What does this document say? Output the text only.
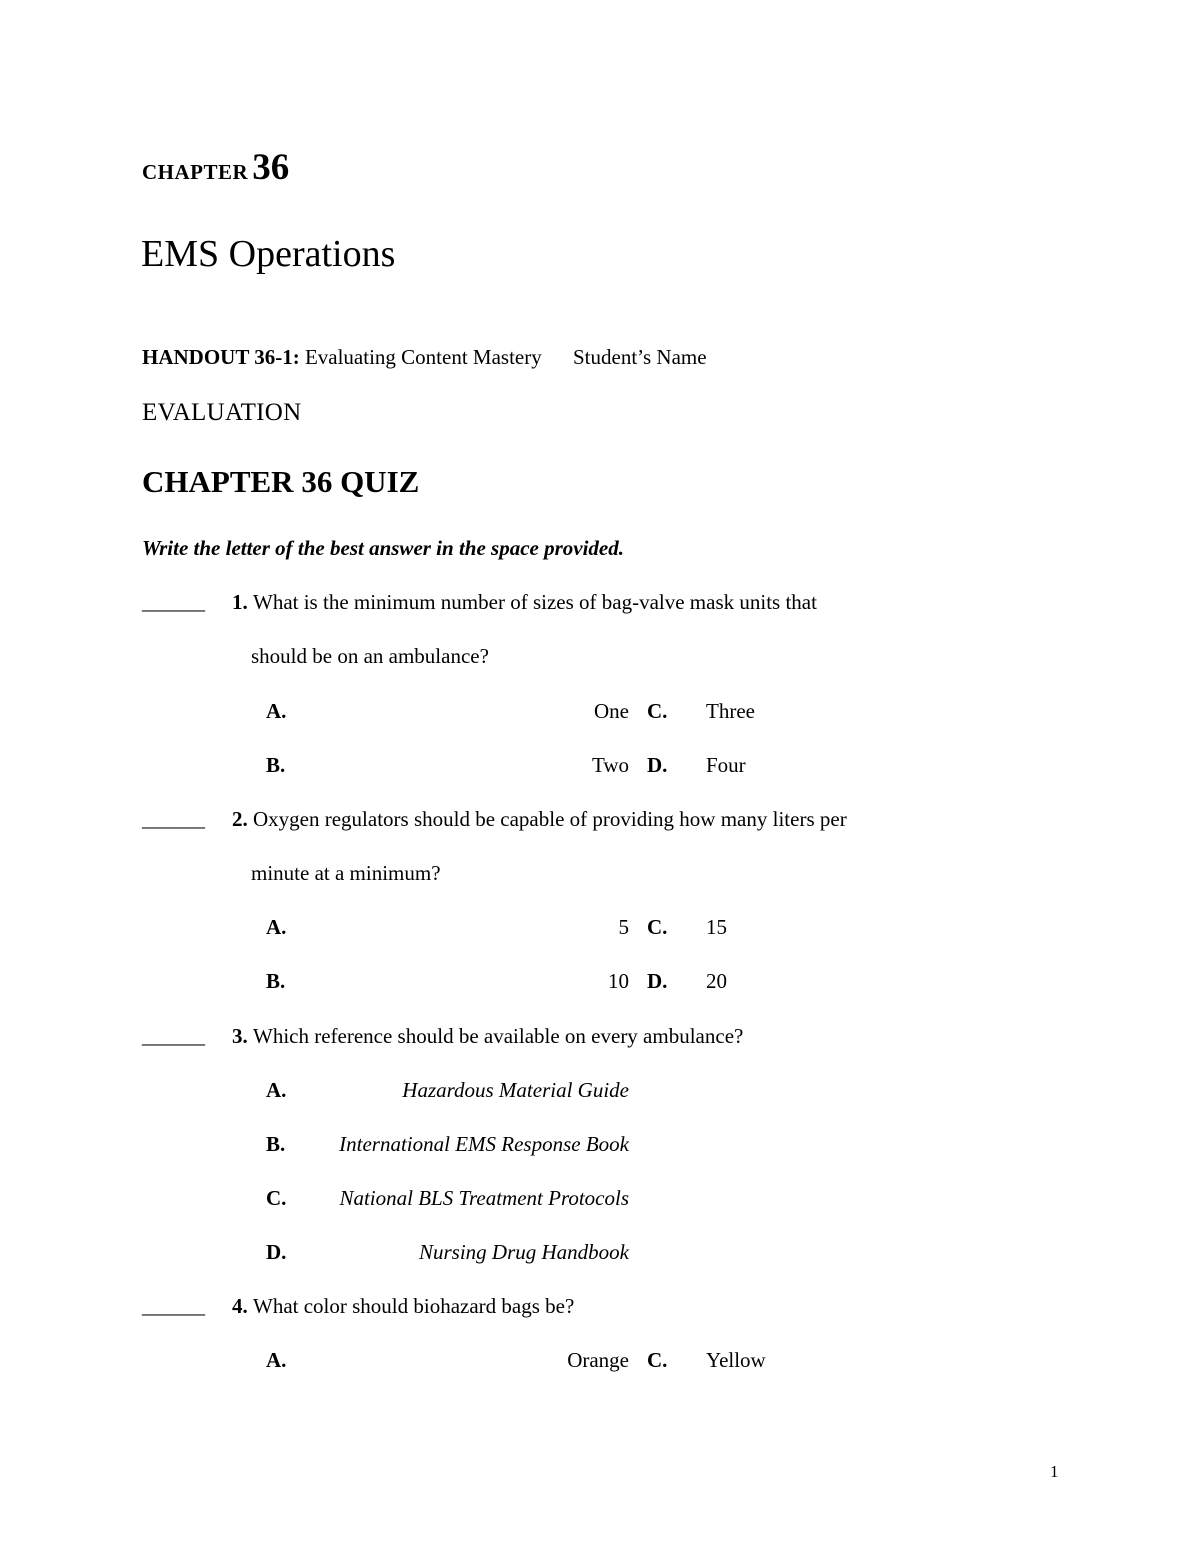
CHAPTER 36
EMS Operations
HANDOUT 36-1: Evaluating Content Mastery Student’s Name
EVALUATION
CHAPTER 36 QUIZ
Write the letter of the best answer in the space provided.
______ 1. What is the minimum number of sizes of bag-valve mask units that
should be on an ambulance?
A.	One C. Three
B.	Two D. Four
______ 2. Oxygen regulators should be capable of providing how many liters per
minute at a minimum?
A.	5 C. 15
B.	10 D. 20
______ 3. Which reference should be available on every ambulance?
A.	Hazardous Material Guide
B.	International EMS Response Book
C.	National BLS Treatment Protocols
D.	Nursing Drug Handbook
______ 4. What color should biohazard bags be?
A.	Orange C. Yellow
1
